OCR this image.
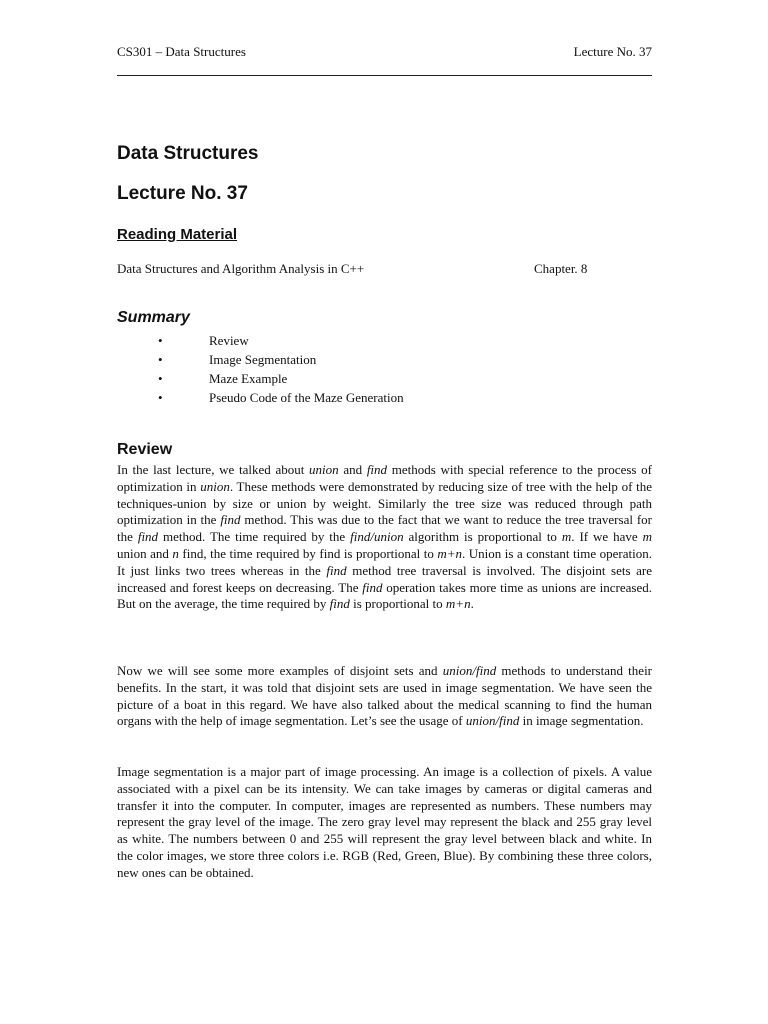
CS301 – Data Structures	Lecture No. 37
Data Structures
Lecture No. 37
Reading Material
Data Structures and Algorithm Analysis in C++	Chapter. 8
Summary
•	Review
•	Image Segmentation
•	Maze Example
•	Pseudo Code of the Maze Generation
Review

In the last lecture, we talked about union and find methods with special reference to the process of optimization in union. These methods were demonstrated by reducing size of tree with the help of the techniques-union by size or union by weight. Similarly the tree size was reduced through path optimization in the find method. This was due to the fact that we want to reduce the tree traversal for the find method. The time required by the find/union algorithm is proportional to m. If we have m union and n find, the time required by find is proportional to m+n. Union is a constant time operation. It just links two trees whereas in the find method tree traversal is involved. The disjoint sets are increased and forest keeps on decreasing. The find operation takes more time as unions are increased. But on the average, the time required by find is proportional to m+n.

Now we will see some more examples of disjoint sets and union/find methods to understand their benefits. In the start, it was told that disjoint sets are used in image segmentation. We have seen the picture of a boat in this regard. We have also talked about the medical scanning to find the human organs with the help of image segmentation. Let’s see the usage of union/find in image segmentation.

Image segmentation is a major part of image processing. An image is a collection of pixels. A value associated with a pixel can be its intensity. We can take images by cameras or digital cameras and transfer it into the computer. In computer, images are represented as numbers. These numbers may represent the gray level of the image. The zero gray level may represent the black and 255 gray level as white. The numbers between 0 and 255 will represent the gray level between black and white. In the color images, we store three colors i.e. RGB (Red, Green, Blue). By combining these three colors, new ones can be obtained.
